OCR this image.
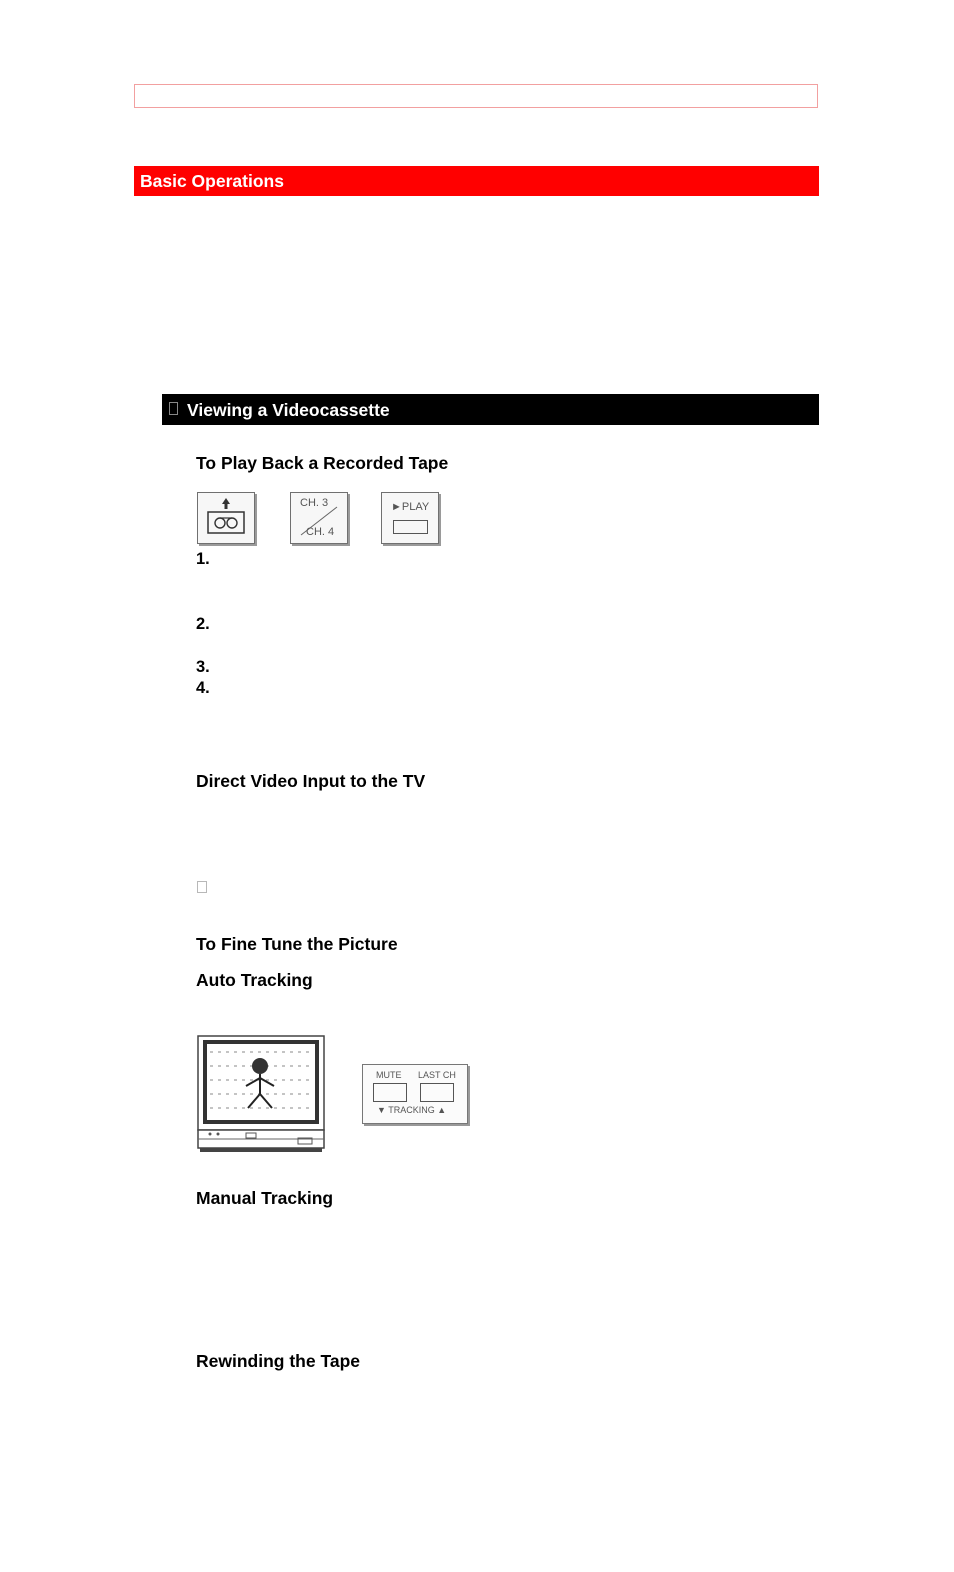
Basic Operations
Viewing a Videocassette
To Play Back a Recorded Tape
CH. 3
CH. 4
►PLAY
1.
2.
3.
4.
Direct Video Input to the TV
To Fine Tune the Picture
Auto Tracking
MUTE LAST CH
▼ TRACKING ▲
Manual Tracking
Rewinding the Tape
